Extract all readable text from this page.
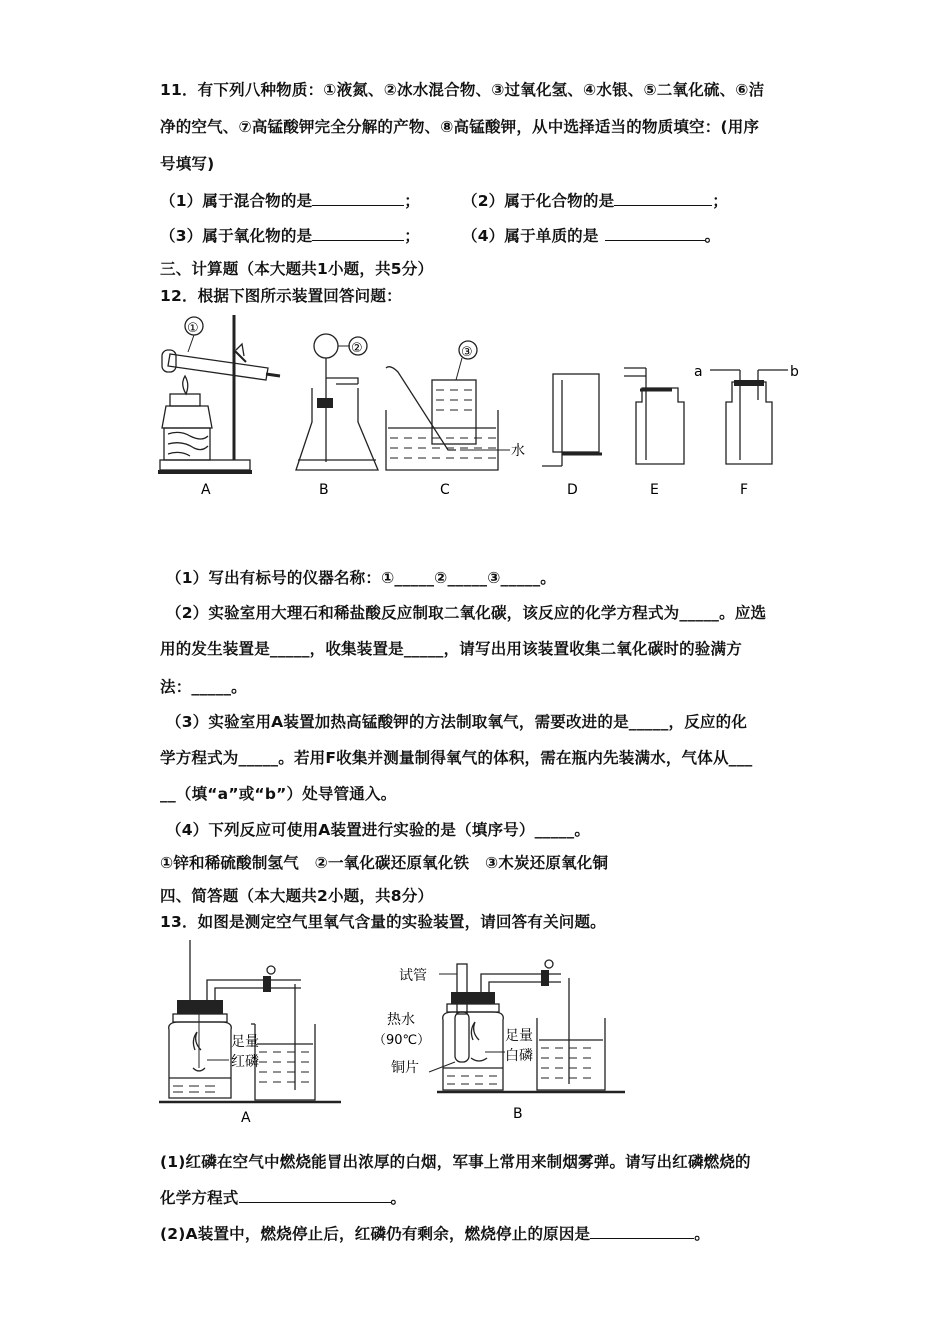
11．有下列八种物质：①液氮、②冰水混合物、③过氧化氢、④水银、⑤二氧化硫、⑥洁
净的空气、⑦高锰酸钾完全分解的产物、⑧高锰酸钾，从中选择适当的物质填空：(用序
号填写)
（1）属于混合物的是	；	（2）属于化合物的是	；
（3）属于氧化物的是	；	（4）属于单质的是	。
三、计算题（本大题共1小题，共5分）
12．根据下图所示装置回答问题：
①
②	③
水
a	b
A	B	C	D	E	F
（1）写出有标号的仪器名称：①_____②_____③_____。
（2）实验室用大理石和稀盐酸反应制取二氧化碳，该反应的化学方程式为_____。应选
用的发生装置是_____，收集装置是_____，请写出用该装置收集二氧化碳时的验满方
法：_____。
（3）实验室用A装置加热高锰酸钾的方法制取氧气，需要改进的是_____，反应的化
学方程式为_____。若用F收集并测量制得氧气的体积，需在瓶内先装满水，气体从___
__（填“a”或“b”）处导管通入。
（4）下列反应可使用A装置进行实验的是（填序号）_____。
①锌和稀硫酸制氢气　②一氧化碳还原氧化铁　③木炭还原氧化铜
四、简答题（本大题共2小题，共8分）
13．如图是测定空气里氧气含量的实验装置，请回答有关问题。
足量
红磷
A
试管
热水
（90℃）
铜片
足量
白磷
B
(1)红磷在空气中燃烧能冒出浓厚的白烟，军事上常用来制烟雾弹。请写出红磷燃烧的
化学方程式	。
(2)A装置中，燃烧停止后，红磷仍有剩余，燃烧停止的原因是	。
